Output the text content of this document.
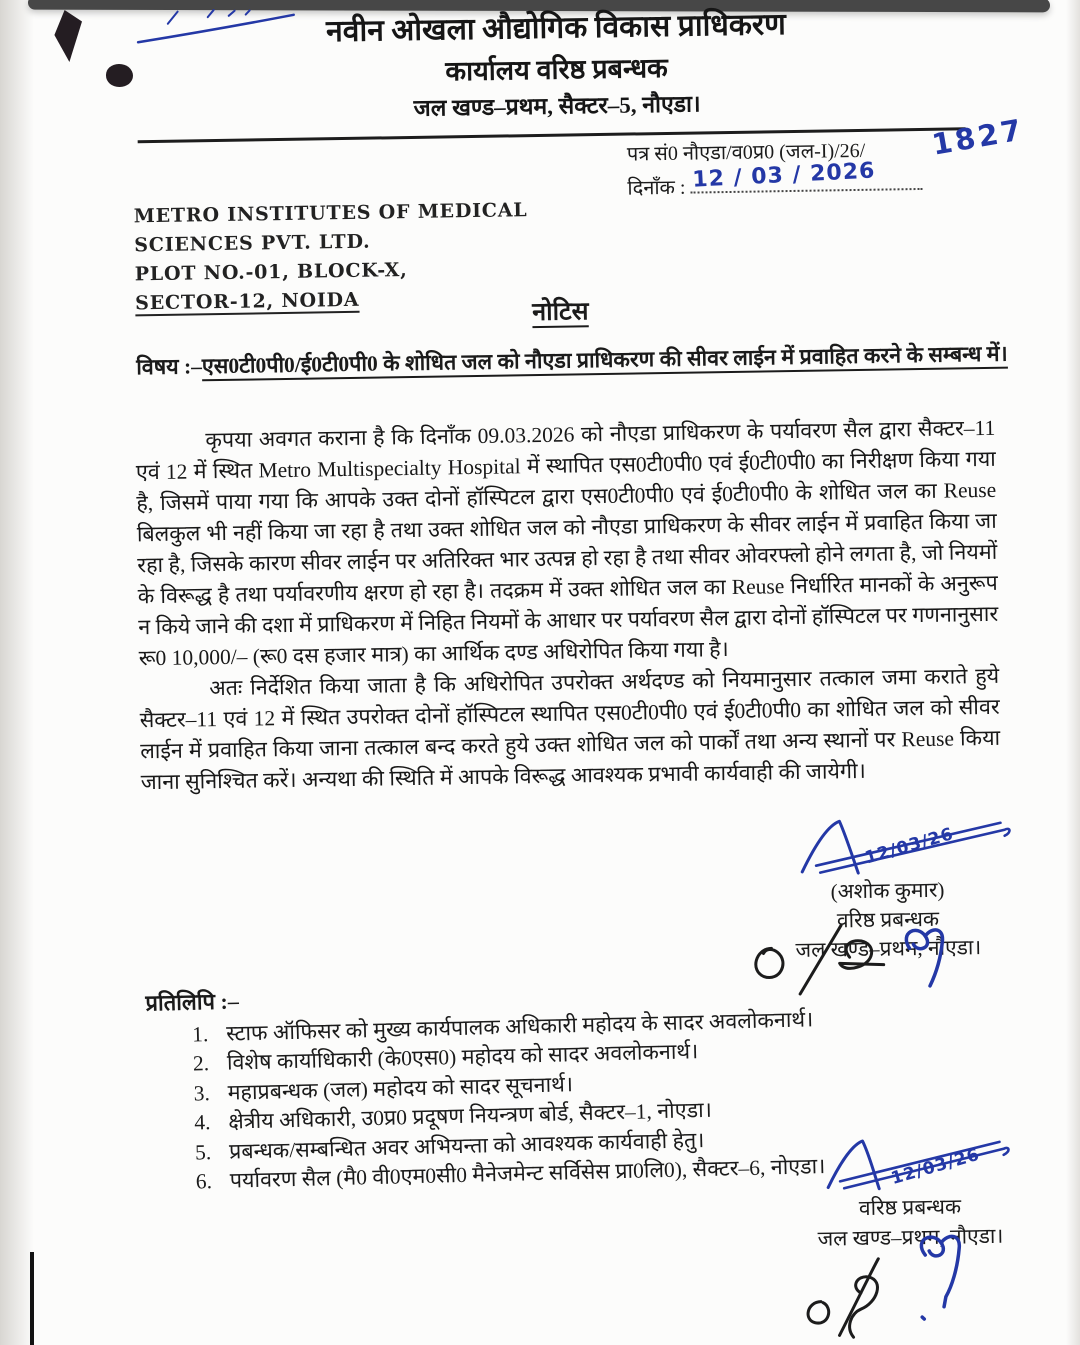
नवीन ओखला औद्योगिक विकास प्राधिकरण
कार्यालय वरिष्ठ प्रबन्धक
जल खण्ड–प्रथम, सैक्टर–5, नौएडा।
पत्र सं0 नौएडा/व0प्र0 (जल-I)/26/ 1827
दिनाँक : 12 / 03 / 2026
METRO INSTITUTES OF MEDICAL
SCIENCES PVT. LTD.
PLOT NO.-01, BLOCK-X,
SECTOR-12, NOIDA	नोटिस
विषय :–एस0टी0पी0/ई0टी0पी0 के शोधित जल को नौएडा प्राधिकरण की सीवर लाईन में प्रवाहित करने के सम्बन्ध में।

कृपया अवगत कराना है कि दिनाँक 09.03.2026 को नौएडा प्राधिकरण के पर्यावरण सैल द्वारा सैक्टर–11 एवं 12 में स्थित Metro Multispecialty Hospital में स्थापित एस0टी0पी0 एवं ई0टी0पी0 का निरीक्षण किया गया है, जिसमें पाया गया कि आपके उक्त दोनों हॉस्पिटल द्वारा एस0टी0पी0 एवं ई0टी0पी0 के शोधित जल का Reuse बिलकुल भी नहीं किया जा रहा है तथा उक्त शोधित जल को नौएडा प्राधिकरण के सीवर लाईन में प्रवाहित किया जा रहा है, जिसके कारण सीवर लाईन पर अतिरिक्त भार उत्पन्न हो रहा है तथा सीवर ओवरफ्लो होने लगता है, जो नियमों के विरूद्ध है तथा पर्यावरणीय क्षरण हो रहा है। तदक्रम में उक्त शोधित जल का Reuse निर्धारित मानकों के अनुरूप न किये जाने की दशा में प्राधिकरण में निहित नियमों के आधार पर पर्यावरण सैल द्वारा दोनों हॉस्पिटल पर गणनानुसार रू0 10,000/– (रू0 दस हजार मात्र) का आर्थिक दण्ड अधिरोपित किया गया है।

अतः निर्देशित किया जाता है कि अधिरोपित उपरोक्त अर्थदण्ड को नियमानुसार तत्काल जमा कराते हुये सैक्टर–11 एवं 12 में स्थित उपरोक्त दोनों हॉस्पिटल स्थापित एस0टी0पी0 एवं ई0टी0पी0 का शोधित जल को सीवर लाईन में प्रवाहित किया जाना तत्काल बन्द करते हुये उक्त शोधित जल को पार्कों तथा अन्य स्थानों पर Reuse किया जाना सुनिश्चित करें। अन्यथा की स्थिति में आपके विरूद्ध आवश्यक प्रभावी कार्यवाही की जायेगी।

12/03/26
(अशोक कुमार)
वरिष्ठ प्रबन्धक
जल खण्ड–प्रथम, नौएडा।
प्रतिलिपि :–
1. स्टाफ ऑफिसर को मुख्य कार्यपालक अधिकारी महोदय के सादर अवलोकनार्थ।
2. विशेष कार्याधिकारी (के0एस0) महोदय को सादर अवलोकनार्थ।
3. महाप्रबन्धक (जल) महोदय को सादर सूचनार्थ।
4. क्षेत्रीय अधिकारी, उ0प्र0 प्रदूषण नियन्त्रण बोर्ड, सैक्टर–1, नोएडा।
5. प्रबन्धक/सम्बन्धित अवर अभियन्ता को आवश्यक कार्यवाही हेतु।
6. पर्यावरण सैल (मै0 वी0एम0सी0 मैनेजमेन्ट सर्विसेस प्रा0लि0), सैक्टर–6, नोएडा।	12/03/26
वरिष्ठ प्रबन्धक
जल खण्ड–प्रथम, नौएडा।
